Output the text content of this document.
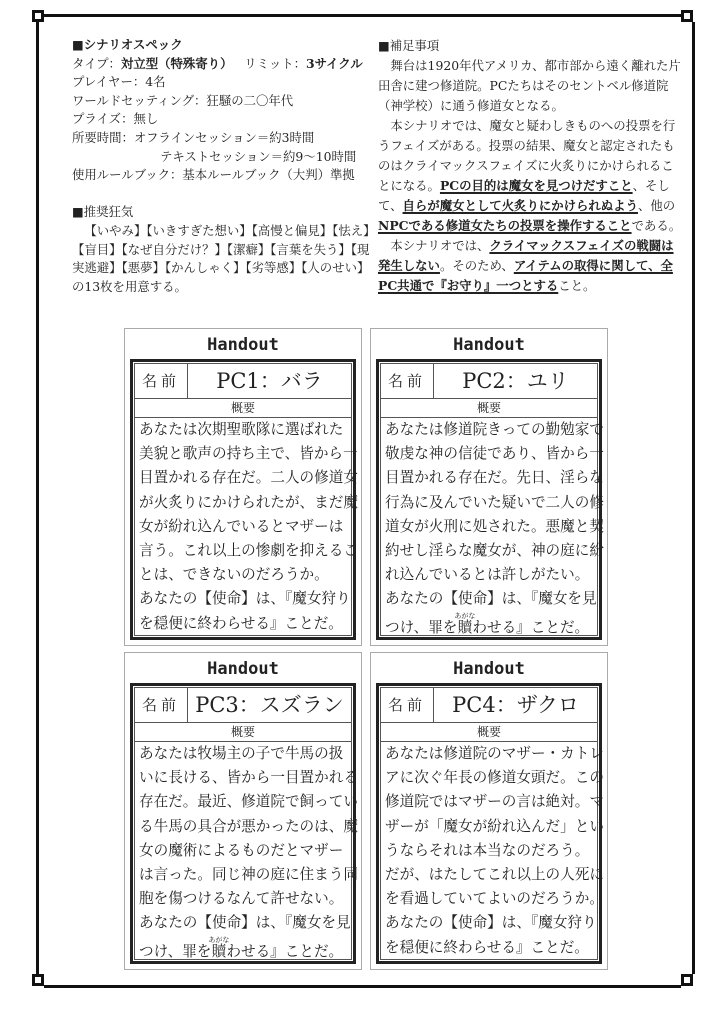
■シナリオスペック
タイプ：対立型（特殊寄り） リミット：3サイクル
プレイヤー：4名
ワールドセッティング：狂騒の二〇年代
プライズ：無し
所要時間：オフラインセッション＝約3時間
テキストセッション＝約9～10時間
使用ルールブック：基本ルールブック（大判）準拠
■推奨狂気

【いやみ】【いきすぎた想い】【高慢と偏見】【怯え】【盲目】【なぜ自分だけ？】【潔癖】【言葉を失う】【現実逃避】【悪夢】【かんしゃく】【劣等感】【人のせい】の13枚を用意する。

■補足事項

舞台は1920年代アメリカ、都市部から遠く離れた片田舎に建つ修道院。PCたちはそのセントベル修道院（神学校）に通う修道女となる。

本シナリオでは、魔女と疑わしきものへの投票を行うフェイズがある。投票の結果、魔女と認定されたものはクライマックスフェイズに火炙りにかけられることになる。PCの目的は魔女を見つけだすこと、そして、自らが魔女として火炙りにかけられぬよう、他のNPCである修道女たちの投票を操作することである。

本シナリオでは、クライマックスフェイズの戦闘は発生しない。そのため、アイテムの取得に関して、全PC共通で『お守り』一つとすること。

Handout
名前	PC1：バラ
概要
あなたは次期聖歌隊に選ばれた
美貌と歌声の持ち主で、皆から一
目置かれる存在だ。二人の修道女
が火炙りにかけられたが、まだ魔
女が紛れ込んでいるとマザーは
言う。これ以上の惨劇を抑えるこ
とは、できないのだろうか。
あなたの【使命】は、『魔女狩り
を穏便に終わらせる』ことだ。
Handout
名前	PC2：ユリ
概要
あなたは修道院きっての勤勉家で
敬虔な神の信徒であり、皆から一
目置かれる存在だ。先日、淫らな
行為に及んでいた疑いで二人の修
道女が火刑に処された。悪魔と契
約せし淫らな魔女が、神の庭に紛
れ込んでいるとは許しがたい。
あなたの【使命】は、『魔女を見
つけ、罪を贖あがなわせる』ことだ。
Handout
名前 PC3：スズラン
概要
あなたは牧場主の子で牛馬の扱
いに長ける、皆から一目置かれる
存在だ。最近、修道院で飼ってい
る牛馬の具合が悪かったのは、魔
女の魔術によるものだとマザー
は言った。同じ神の庭に住まう同
胞を傷つけるなんて許せない。
あなたの【使命】は、『魔女を見
つけ、罪を贖あがなわせる』ことだ。
Handout
名前	PC4：ザクロ
概要
あなたは修道院のマザー・カトレ
アに次ぐ年長の修道女頭だ。この
修道院ではマザーの言は絶対。マ
ザーが「魔女が紛れ込んだ」とい
うならそれは本当なのだろう。
だが、はたしてこれ以上の人死に
を看過していてよいのだろうか。
あなたの【使命】は、『魔女狩り
を穏便に終わらせる』ことだ。
